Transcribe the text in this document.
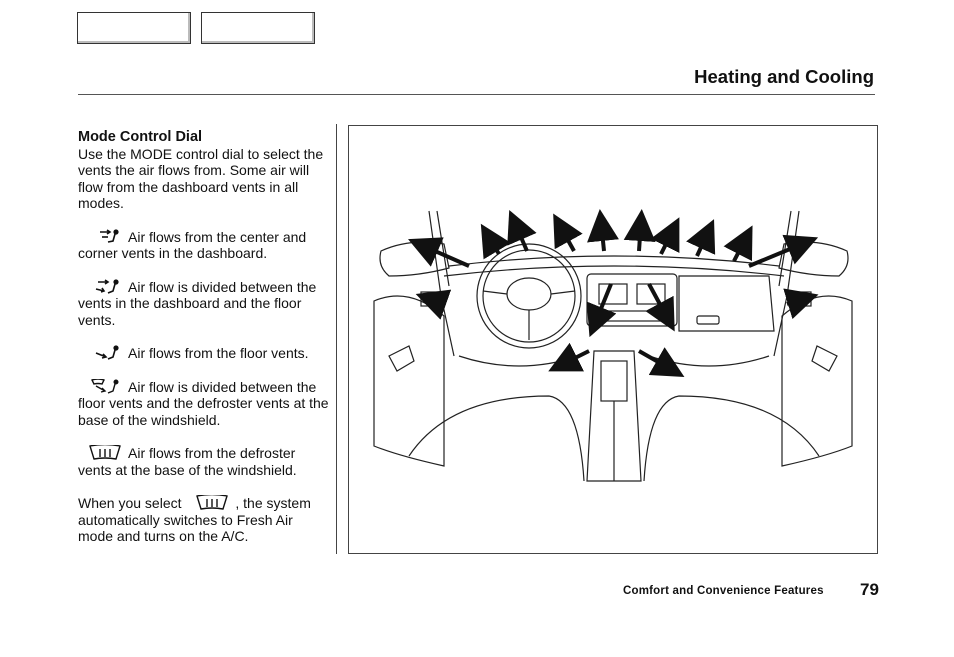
Heating and Cooling

Mode Control Dial

Use the MODE control dial to select the vents the air flows from. Some air will flow from the dashboard vents in all modes.

Air flows from the center and corner vents in the dashboard.
Air flow is divided between the vents in the dashboard and the floor vents.
Air flows from the floor vents.
Air flow is divided between the floor vents and the defroster vents at the base of the windshield.
Air flows from the defroster vents at the base of the windshield.
When you select	, the system automatically switches to Fresh Air mode and turns on the A/C.
Comfort and Convenience Features 79
